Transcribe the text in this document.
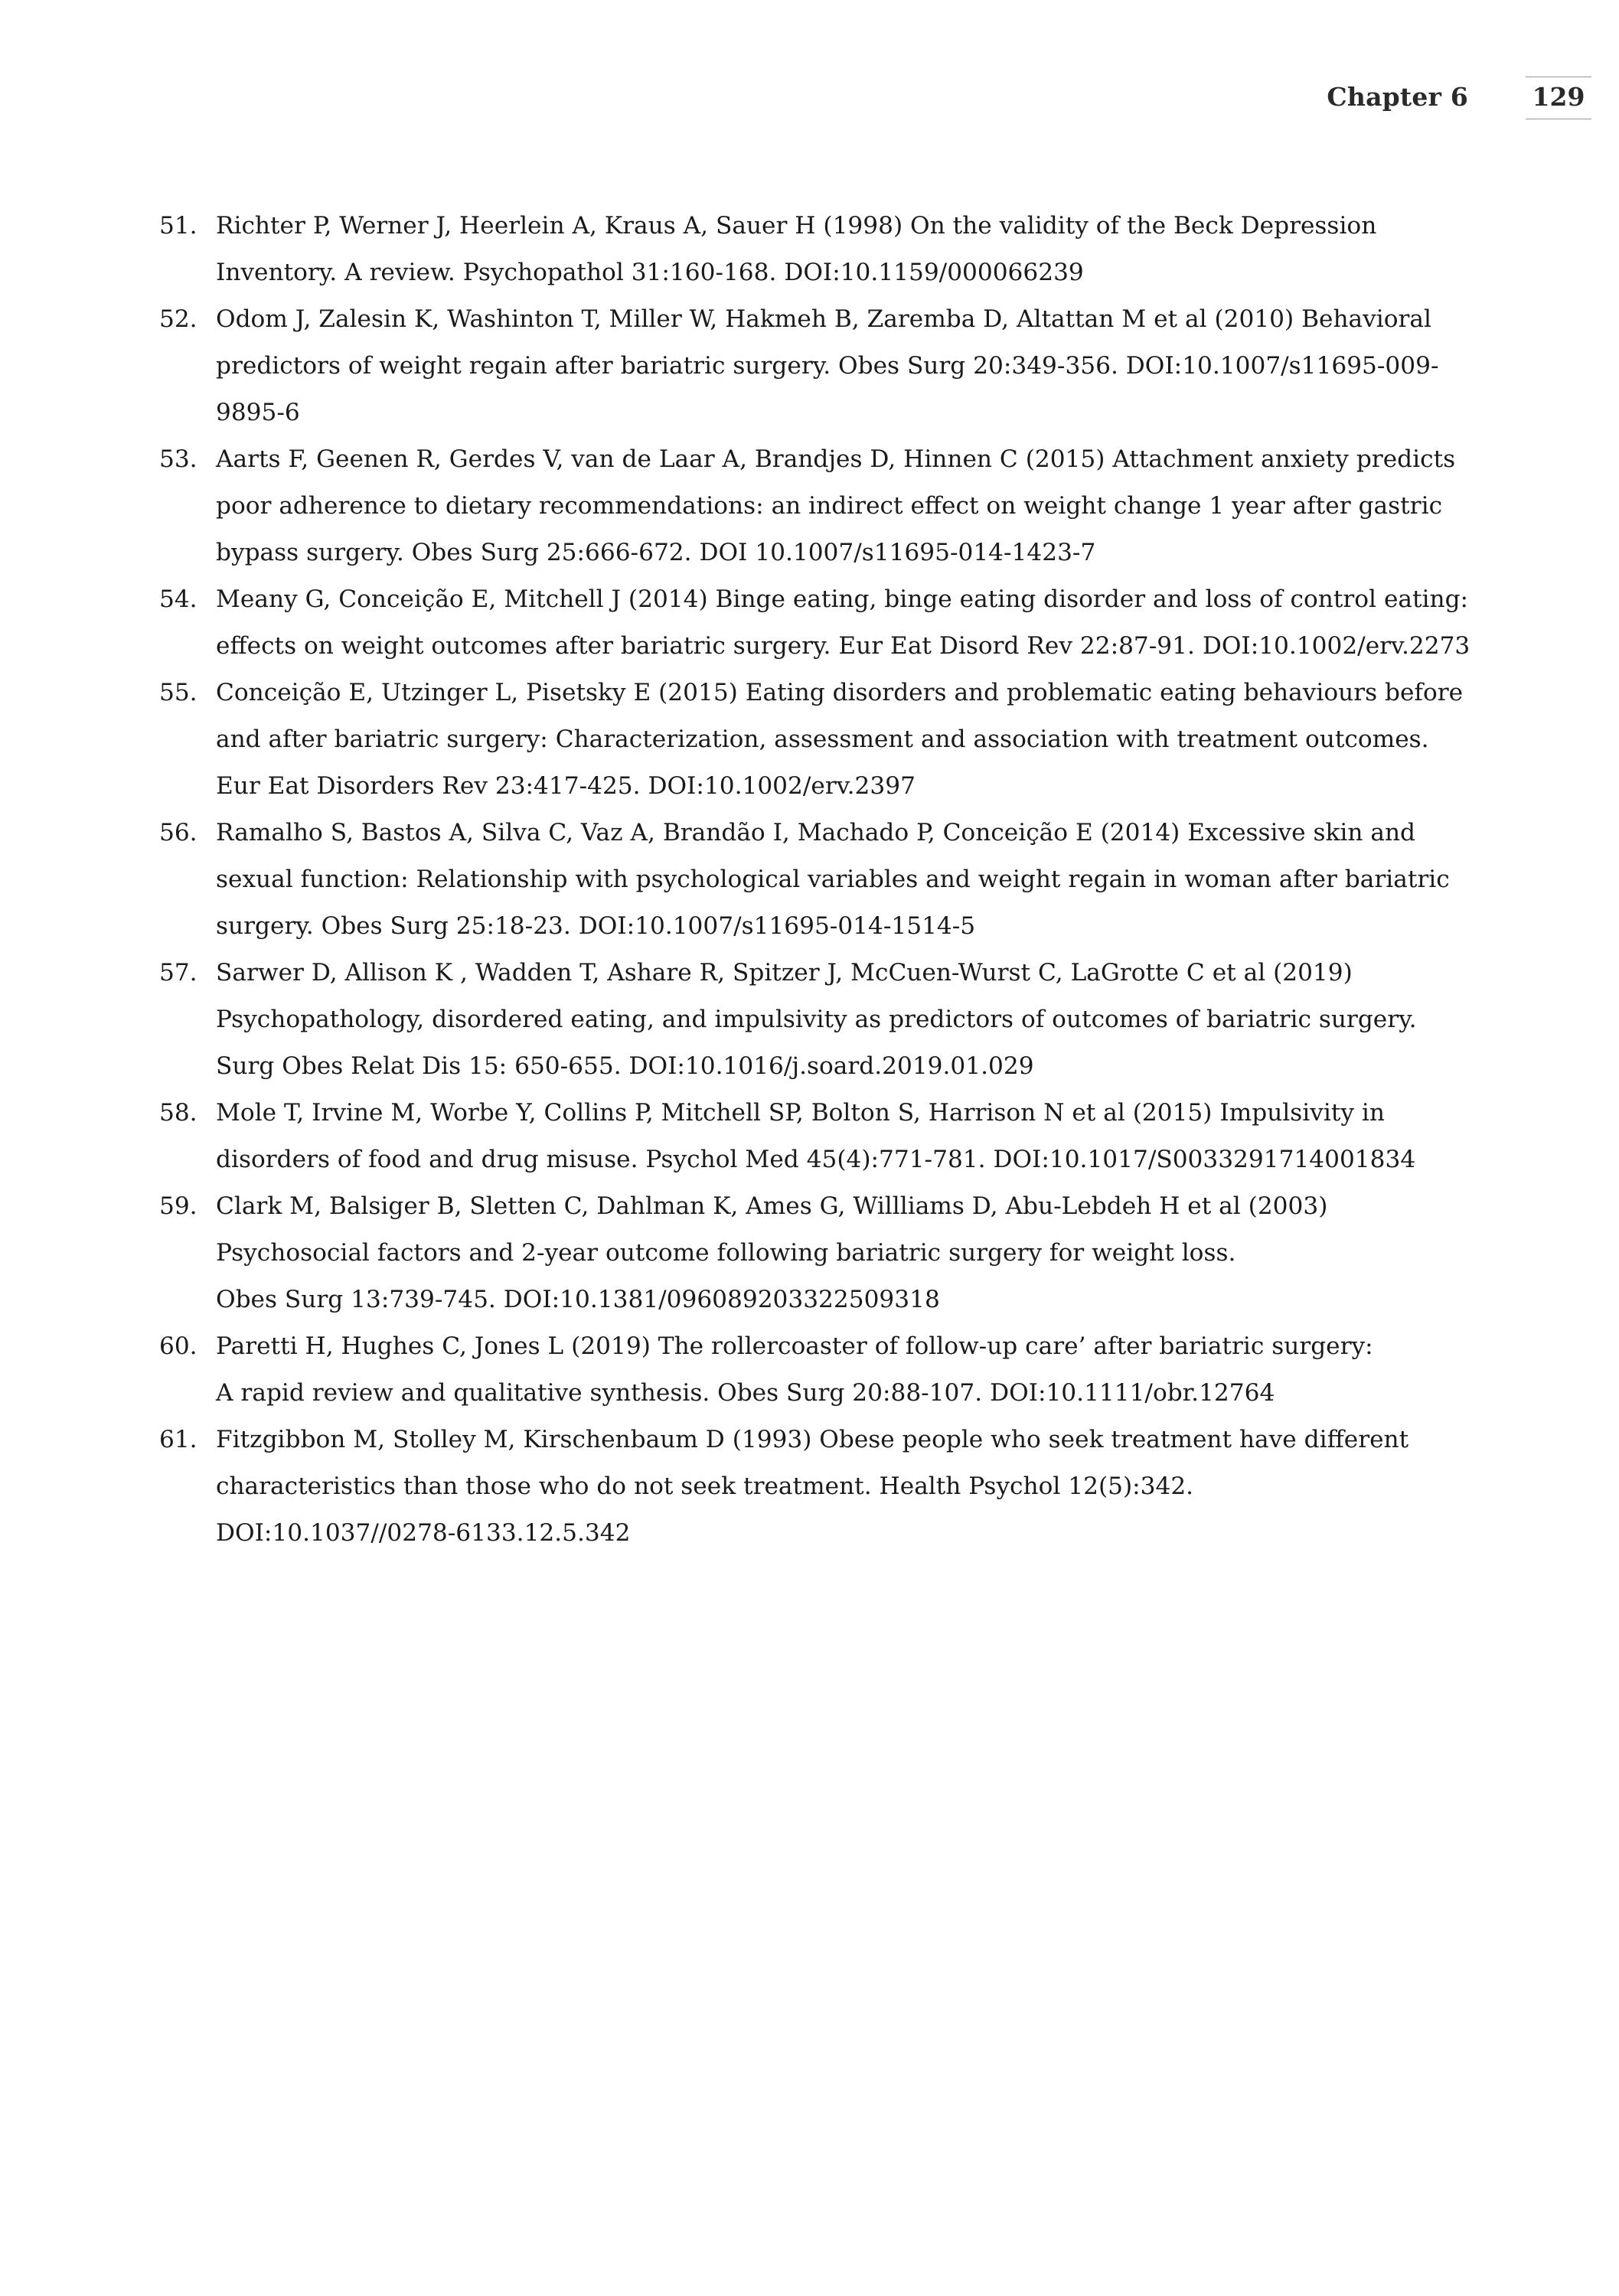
Chapter 6	129
51. Richter P, Werner J, Heerlein A, Kraus A, Sauer H (1998) On the validity of the Beck Depression
Inventory. A review. Psychopathol 31:160-168. DOI:10.1159/000066239
52. Odom J, Zalesin K, Washinton T, Miller W, Hakmeh B, Zaremba D, Altattan M et al (2010) Behavioral
predictors of weight regain after bariatric surgery. Obes Surg 20:349-356. DOI:10.1007/s11695-009-9895-6
53. Aarts F, Geenen R, Gerdes V, van de Laar A, Brandjes D, Hinnen C (2015) Attachment anxiety predicts
poor adherence to dietary recommendations: an indirect effect on weight change 1 year after gastric
bypass surgery. Obes Surg 25:666-672. DOI 10.1007/s11695-014-1423-7
54. Meany G, Conceição E, Mitchell J (2014) Binge eating, binge eating disorder and loss of control eating:
effects on weight outcomes after bariatric surgery. Eur Eat Disord Rev 22:87-91. DOI:10.1002/erv.2273
55. Conceição E, Utzinger L, Pisetsky E (2015) Eating disorders and problematic eating behaviours before
and after bariatric surgery: Characterization, assessment and association with treatment outcomes.
Eur Eat Disorders Rev 23:417-425. DOI:10.1002/erv.2397
56. Ramalho S, Bastos A, Silva C, Vaz A, Brandão I, Machado P, Conceição E (2014) Excessive skin and
sexual function: Relationship with psychological variables and weight regain in woman after bariatric
surgery. Obes Surg 25:18-23. DOI:10.1007/s11695-014-1514-5
57. Sarwer D, Allison K , Wadden T, Ashare R, Spitzer J, McCuen-Wurst C, LaGrotte C et al (2019)
Psychopathology, disordered eating, and impulsivity as predictors of outcomes of bariatric surgery.
Surg Obes Relat Dis 15: 650-655. DOI:10.1016/j.soard.2019.01.029
58. Mole T, Irvine M, Worbe Y, Collins P, Mitchell SP, Bolton S, Harrison N et al (2015) Impulsivity in
disorders of food and drug misuse. Psychol Med 45(4):771-781. DOI:10.1017/S0033291714001834
59. Clark M, Balsiger B, Sletten C, Dahlman K, Ames G, Willliams D, Abu-Lebdeh H et al (2003)
Psychosocial factors and 2-year outcome following bariatric surgery for weight loss.
Obes Surg 13:739-745. DOI:10.1381/096089203322509318
60. Paretti H, Hughes C, Jones L (2019) The rollercoaster of follow-up care’ after bariatric surgery:
A rapid review and qualitative synthesis. Obes Surg 20:88-107. DOI:10.1111/obr.12764
61. Fitzgibbon M, Stolley M, Kirschenbaum D (1993) Obese people who seek treatment have different
characteristics than those who do not seek treatment. Health Psychol 12(5):342.
DOI:10.1037//0278-6133.12.5.342
